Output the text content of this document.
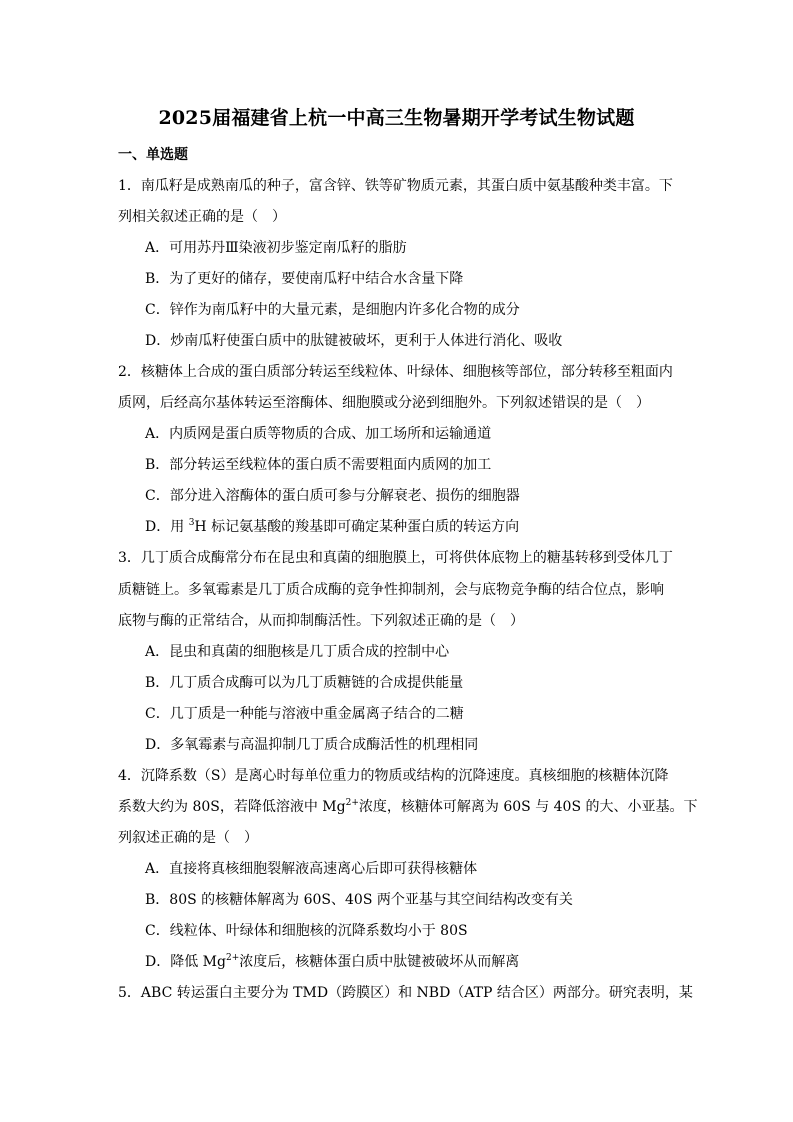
2025届福建省上杭一中高三生物暑期开学考试生物试题
一、单选题
1．南瓜籽是成熟南瓜的种子，富含锌、铁等矿物质元素，其蛋白质中氨基酸种类丰富。下
列相关叙述正确的是（　）
A．可用苏丹Ⅲ染液初步鉴定南瓜籽的脂肪
B．为了更好的储存，要使南瓜籽中结合水含量下降
C．锌作为南瓜籽中的大量元素，是细胞内许多化合物的成分
D．炒南瓜籽使蛋白质中的肽键被破坏，更利于人体进行消化、吸收
2．核糖体上合成的蛋白质部分转运至线粒体、叶绿体、细胞核等部位，部分转移至粗面内
质网，后经高尔基体转运至溶酶体、细胞膜或分泌到细胞外。下列叙述错误的是（　）
A．内质网是蛋白质等物质的合成、加工场所和运输通道
B．部分转运至线粒体的蛋白质不需要粗面内质网的加工
C．部分进入溶酶体的蛋白质可参与分解衰老、损伤的细胞器
D．用 $^3$H 标记氨基酸的羧基即可确定某种蛋白质的转运方向
3．几丁质合成酶常分布在昆虫和真菌的细胞膜上，可将供体底物上的糖基转移到受体几丁
质糖链上。多氧霉素是几丁质合成酶的竞争性抑制剂，会与底物竞争酶的结合位点，影响
底物与酶的正常结合，从而抑制酶活性。下列叙述正确的是（　）
A．昆虫和真菌的细胞核是几丁质合成的控制中心
B．几丁质合成酶可以为几丁质糖链的合成提供能量
C．几丁质是一种能与溶液中重金属离子结合的二糖
D．多氧霉素与高温抑制几丁质合成酶活性的机理相同
4．沉降系数（S）是离心时每单位重力的物质或结构的沉降速度。真核细胞的核糖体沉降
系数大约为 80S，若降低溶液中 $Mg^{2+}$浓度，核糖体可解离为 60S 与 40S 的大、小亚基。下
列叙述正确的是（　）
A．直接将真核细胞裂解液高速离心后即可获得核糖体
B．80S 的核糖体解离为 60S、40S 两个亚基与其空间结构改变有关
C．线粒体、叶绿体和细胞核的沉降系数均小于 80S
D．降低 $Mg^{2+}$浓度后，核糖体蛋白质中肽键被破坏从而解离
5．ABC 转运蛋白主要分为 TMD（跨膜区）和 NBD（ATP 结合区）两部分。研究表明，某
